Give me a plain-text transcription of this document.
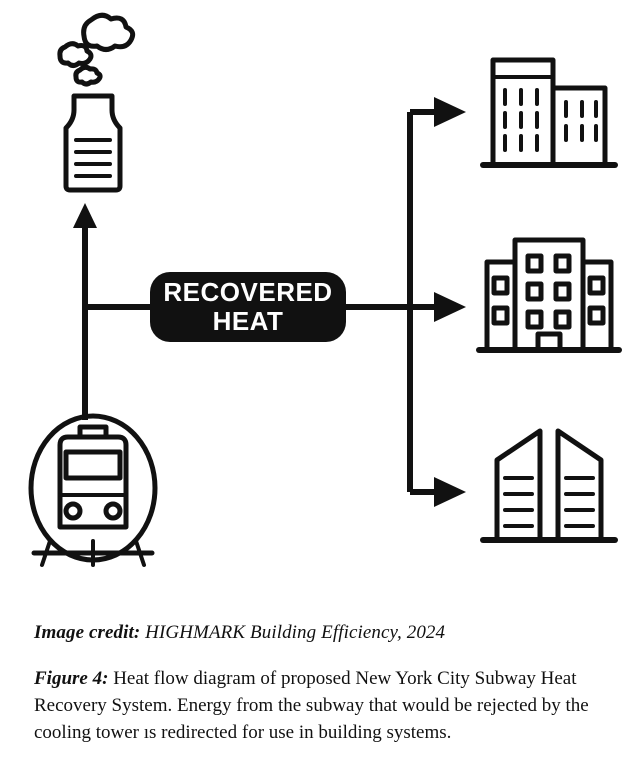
RECOVERED
HEAT

Image credit: HIGHMARK Building Efficiency, 2024

Figure 4: Heat flow diagram of proposed New York City Subway Heat Recovery System. Energy from the subway that would be rejected by the cooling tower ıs redirected for use in building systems.
